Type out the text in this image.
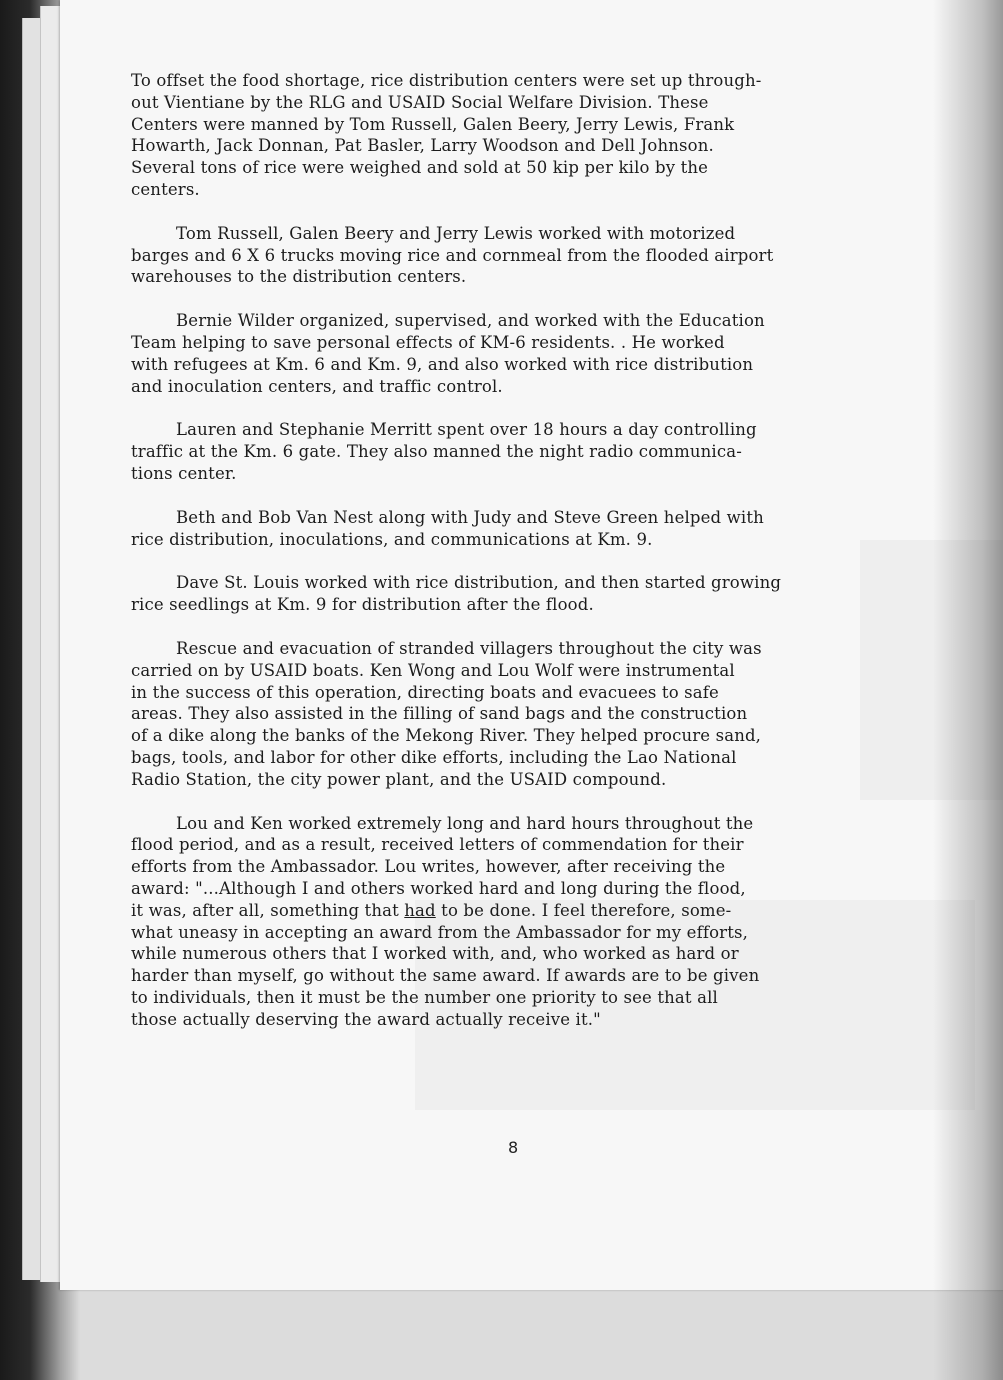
To offset the food shortage, rice distribution centers were set up through-
out Vientiane by the RLG and USAID Social Welfare Division. These
Centers were manned by Tom Russell, Galen Beery, Jerry Lewis, Frank
Howarth, Jack Donnan, Pat Basler, Larry Woodson and Dell Johnson.
Several tons of rice were weighed and sold at 50 kip per kilo by the
centers.
Tom Russell, Galen Beery and Jerry Lewis worked with motorized
barges and 6 X 6 trucks moving rice and cornmeal from the flooded airport
warehouses to the distribution centers.
Bernie Wilder organized, supervised, and worked with the Education
Team helping to save personal effects of KM-6 residents. . He worked
with refugees at Km. 6 and Km. 9, and also worked with rice distribution
and inoculation centers, and traffic control.
Lauren and Stephanie Merritt spent over 18 hours a day controlling
traffic at the Km. 6 gate. They also manned the night radio communica-
tions center.
Beth and Bob Van Nest along with Judy and Steve Green helped with
rice distribution, inoculations, and communications at Km. 9.
Dave St. Louis worked with rice distribution, and then started growing
rice seedlings at Km. 9 for distribution after the flood.
Rescue and evacuation of stranded villagers throughout the city was
carried on by USAID boats. Ken Wong and Lou Wolf were instrumental
in the success of this operation, directing boats and evacuees to safe
areas. They also assisted in the filling of sand bags and the construction
of a dike along the banks of the Mekong River. They helped procure sand,
bags, tools, and labor for other dike efforts, including the Lao National
Radio Station, the city power plant, and the USAID compound.
Lou and Ken worked extremely long and hard hours throughout the
flood period, and as a result, received letters of commendation for their
efforts from the Ambassador. Lou writes, however, after receiving the
award: "...Although I and others worked hard and long during the flood,
it was, after all, something that had to be done. I feel therefore, some-
what uneasy in accepting an award from the Ambassador for my efforts,
while numerous others that I worked with, and, who worked as hard or
harder than myself, go without the same award. If awards are to be given
to individuals, then it must be the number one priority to see that all
those actually deserving the award actually receive it."
8
